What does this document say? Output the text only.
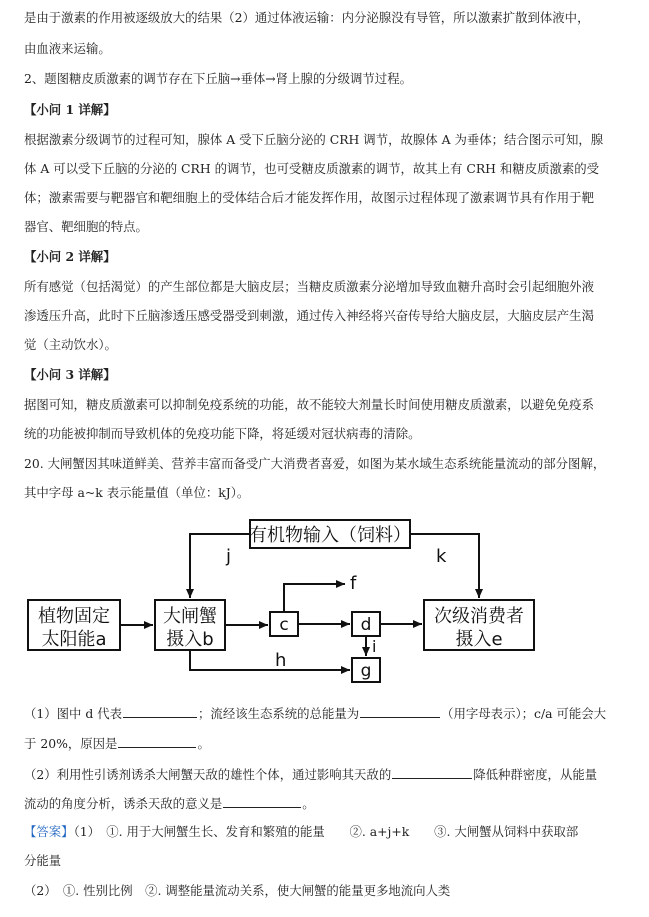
是由于激素的作用被逐级放大的结果（2）通过体液运输：内分泌腺没有导管，所以激素扩散到体液中，
由血液来运输。
2、题图糖皮质激素的调节存在下丘脑→垂体→肾上腺的分级调节过程。
【小问 1 详解】
根据激素分级调节的过程可知，腺体 A 受下丘脑分泌的 CRH 调节，故腺体 A 为垂体；结合图示可知，腺
体 A 可以受下丘脑的分泌的 CRH 的调节，也可受糖皮质激素的调节，故其上有 CRH 和糖皮质激素的受
体；激素需要与靶器官和靶细胞上的受体结合后才能发挥作用，故图示过程体现了激素调节具有作用于靶
器官、靶细胞的特点。
【小问 2 详解】
所有感觉（包括渴觉）的产生部位都是大脑皮层；当糖皮质激素分泌增加导致血糖升高时会引起细胞外液
渗透压升高，此时下丘脑渗透压感受器受到刺激，通过传入神经将兴奋传导给大脑皮层，大脑皮层产生渴
觉（主动饮水）。
【小问 3 详解】
据图可知，糖皮质激素可以抑制免疫系统的功能，故不能较大剂量长时间使用糖皮质激素，以避免免疫系
统的功能被抑制而导致机体的免疫功能下降，将延缓对冠状病毒的清除。
20. 大闸蟹因其味道鲜美、营养丰富而备受广大消费者喜爱，如图为某水域生态系统能量流动的部分图解，
其中字母 a~k 表示能量值（单位：kJ）。
有机物输入（饲料）
植物固定
太阳能a
大闸蟹
摄入b
c	d
g
次级消费者
摄入e
j	k
f
h
i
（1）图中 d 代表	；流经该生态系统的总能量为	（用字母表示）；c/a 可能会大
于 20%，原因是	。
（2）利用性引诱剂诱杀大闸蟹天敌的雄性个体，通过影响其天敌的	降低种群密度，从能量
流动的角度分析，诱杀天敌的意义是	。
【答案】（1）　①. 用于大闸蟹生长、发育和繁殖的能量　　②. a+j+k　　③. 大闸蟹从饲料中获取部
分能量
（2）　①. 性别比例　②. 调整能量流动关系，使大闸蟹的能量更多地流向人类
